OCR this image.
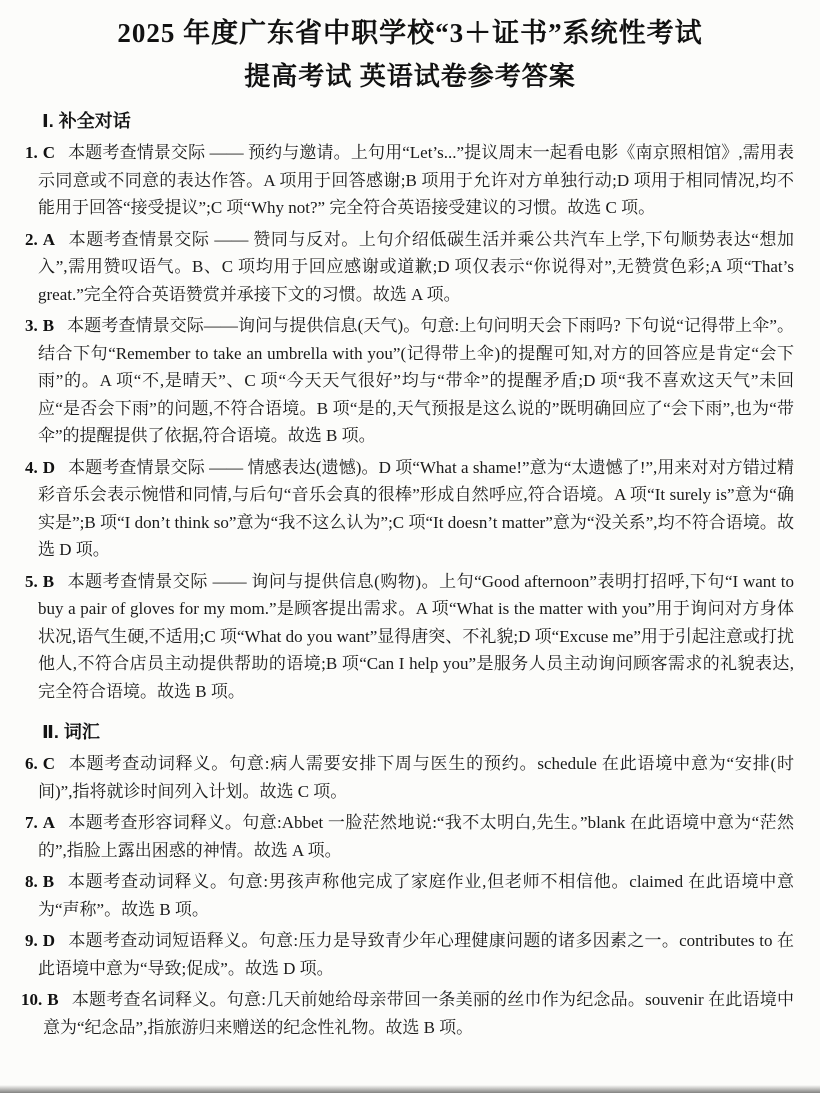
2025 年度广东省中职学校“3＋证书”系统性考试
提高考试 英语试卷参考答案
Ⅰ. 补全对话

1. C 本题考查情景交际 —— 预约与邀请。上句用“Let’s...”提议周末一起看电影《南京照相馆》,需用表示同意或不同意的表达作答。A 项用于回答感谢;B 项用于允许对方单独行动;D 项用于相同情况,均不能用于回答“接受提议”;C 项“Why not?” 完全符合英语接受建议的习惯。故选 C 项。

2. A 本题考查情景交际 —— 赞同与反对。上句介绍低碳生活并乘公共汽车上学,下句顺势表达“想加入”,需用赞叹语气。B、C 项均用于回应感谢或道歉;D 项仅表示“你说得对”,无赞赏色彩;A 项“That’s great.”完全符合英语赞赏并承接下文的习惯。故选 A 项。

3. B 本题考查情景交际——询问与提供信息(天气)。句意:上句问明天会下雨吗? 下句说“记得带上伞”。结合下句“Remember to take an umbrella with you”(记得带上伞)的提醒可知,对方的回答应是肯定“会下雨”的。A 项“不,是晴天”、C 项“今天天气很好”均与“带伞”的提醒矛盾;D 项“我不喜欢这天气”未回应“是否会下雨”的问题,不符合语境。B 项“是的,天气预报是这么说的”既明确回应了“会下雨”,也为“带伞”的提醒提供了依据,符合语境。故选 B 项。

4. D 本题考查情景交际 —— 情感表达(遗憾)。D 项“What a shame!”意为“太遗憾了!”,用来对对方错过精彩音乐会表示惋惜和同情,与后句“音乐会真的很棒”形成自然呼应,符合语境。A 项“It surely is”意为“确实是”;B 项“I don’t think so”意为“我不这么认为”;C 项“It doesn’t matter”意为“没关系”,均不符合语境。故选 D 项。

5. B 本题考查情景交际 —— 询问与提供信息(购物)。上句“Good afternoon”表明打招呼,下句“I want to buy a pair of gloves for my mom.”是顾客提出需求。A 项“What is the matter with you”用于询问对方身体状况,语气生硬,不适用;C 项“What do you want”显得唐突、不礼貌;D 项“Excuse me”用于引起注意或打扰他人,不符合店员主动提供帮助的语境;B 项“Can I help you”是服务人员主动询问顾客需求的礼貌表达,完全符合语境。故选 B 项。

Ⅱ. 词汇

6. C 本题考查动词释义。句意:病人需要安排下周与医生的预约。schedule 在此语境中意为“安排(时间)”,指将就诊时间列入计划。故选 C 项。

7. A 本题考查形容词释义。句意:Abbet 一脸茫然地说:“我不太明白,先生。”blank 在此语境中意为“茫然的”,指脸上露出困惑的神情。故选 A 项。

8. B 本题考查动词释义。句意:男孩声称他完成了家庭作业,但老师不相信他。claimed 在此语境中意为“声称”。故选 B 项。

9. D 本题考查动词短语释义。句意:压力是导致青少年心理健康问题的诸多因素之一。contributes to 在此语境中意为“导致;促成”。故选 D 项。

10. B 本题考查名词释义。句意:几天前她给母亲带回一条美丽的丝巾作为纪念品。souvenir 在此语境中意为“纪念品”,指旅游归来赠送的纪念性礼物。故选 B 项。
